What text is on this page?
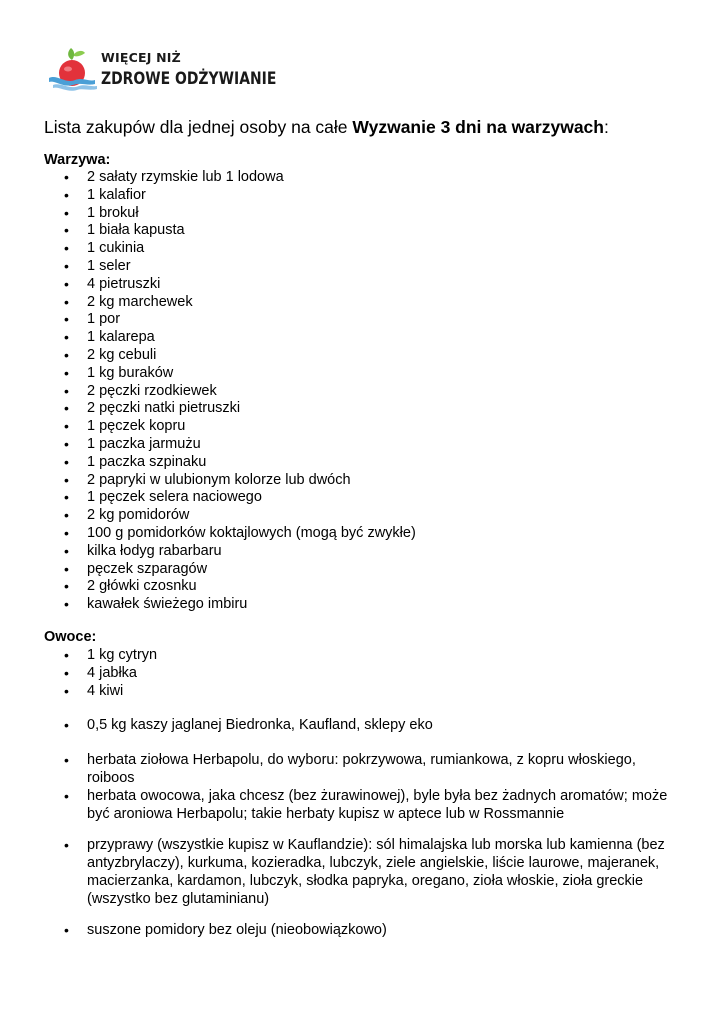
WIĘCEJ NIŻ
ZDROWE ODŻYWIANIE
Lista zakupów dla jednej osoby na całe Wyzwanie 3 dni na warzywach:
Warzywa:
• 2 sałaty rzymskie lub 1 lodowa
• 1 kalafior
• 1 brokuł
• 1 biała kapusta
• 1 cukinia
• 1 seler
• 4 pietruszki
• 2 kg marchewek
• 1 por
• 1 kalarepa
• 2 kg cebuli
• 1 kg buraków
• 2 pęczki rzodkiewek
• 2 pęczki natki pietruszki
• 1 pęczek kopru
• 1 paczka jarmużu
• 1 paczka szpinaku
• 2 papryki w ulubionym kolorze lub dwóch
• 1 pęczek selera naciowego
• 2 kg pomidorów
• 100 g pomidorków koktajlowych (mogą być zwykłe)
• kilka łodyg rabarbaru
• pęczek szparagów
• 2 główki czosnku
• kawałek świeżego imbiru
Owoce:
• 1 kg cytryn
• 4 jabłka
• 4 kiwi
• 0,5 kg kaszy jaglanej Biedronka, Kaufland, sklepy eko
• herbata ziołowa Herbapolu, do wyboru: pokrzywowa, rumiankowa, z kopru włoskiego, roiboos
• herbata owocowa, jaka chcesz (bez żurawinowej), byle była bez żadnych aromatów; może być aroniowa Herbapolu; takie herbaty kupisz w aptece lub w Rossmannie
• przyprawy (wszystkie kupisz w Kauflandzie): sól himalajska lub morska lub kamienna (bez antyzbrylaczy), kurkuma, kozieradka, lubczyk, ziele angielskie, liście laurowe, majeranek, macierzanka, kardamon, lubczyk, słodka papryka, oregano, zioła włoskie, zioła greckie (wszystko bez glutaminianu)
• suszone pomidory bez oleju (nieobowiązkowo)
